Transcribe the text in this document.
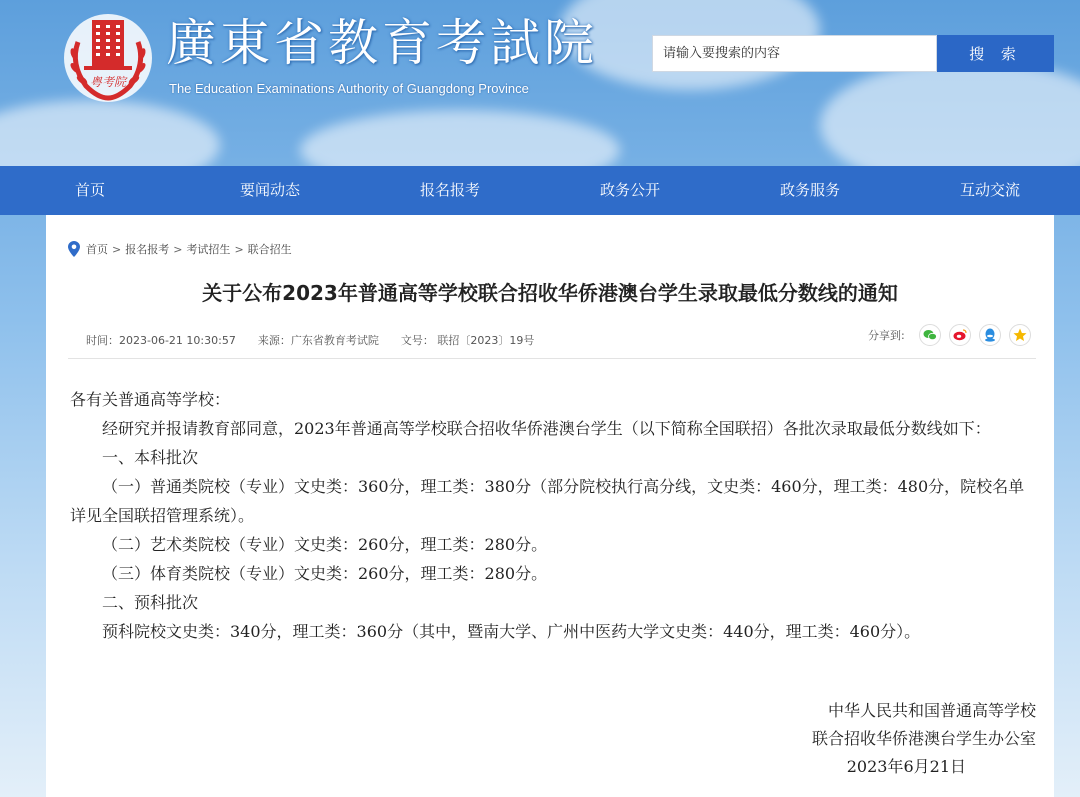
粤考院
廣東省教育考試院
The Education Examinations Authority of Guangdong Province
请输入要搜索的内容
搜 索
首页	要闻动态	报名报考	政务公开	政务服务	互动交流
首页 > 报名报考 > 考试招生 > 联合招生
关于公布2023年普通高等学校联合招收华侨港澳台学生录取最低分数线的通知
时间：2023-06-21 10:30:57 来源：广东省教育考试院 文号： 联招〔2023〕19号	分享到:

各有关普通高等学校：

经研究并报请教育部同意，2023年普通高等学校联合招收华侨港澳台学生（以下简称全国联招）各批次录取最低分数线如下：

一、本科批次

（一）普通类院校（专业）文史类：360分，理工类：380分（部分院校执行高分线，文史类：460分，理工类：480分，院校名单详见全国联招管理系统）。

（二）艺术类院校（专业）文史类：260分，理工类：280分。

（三）体育类院校（专业）文史类：260分，理工类：280分。

二、预科批次

预科院校文史类：340分，理工类：360分（其中，暨南大学、广州中医药大学文史类：440分，理工类：460分）。

中华人民共和国普通高等学校

联合招收华侨港澳台学生办公室

2023年6月21日
